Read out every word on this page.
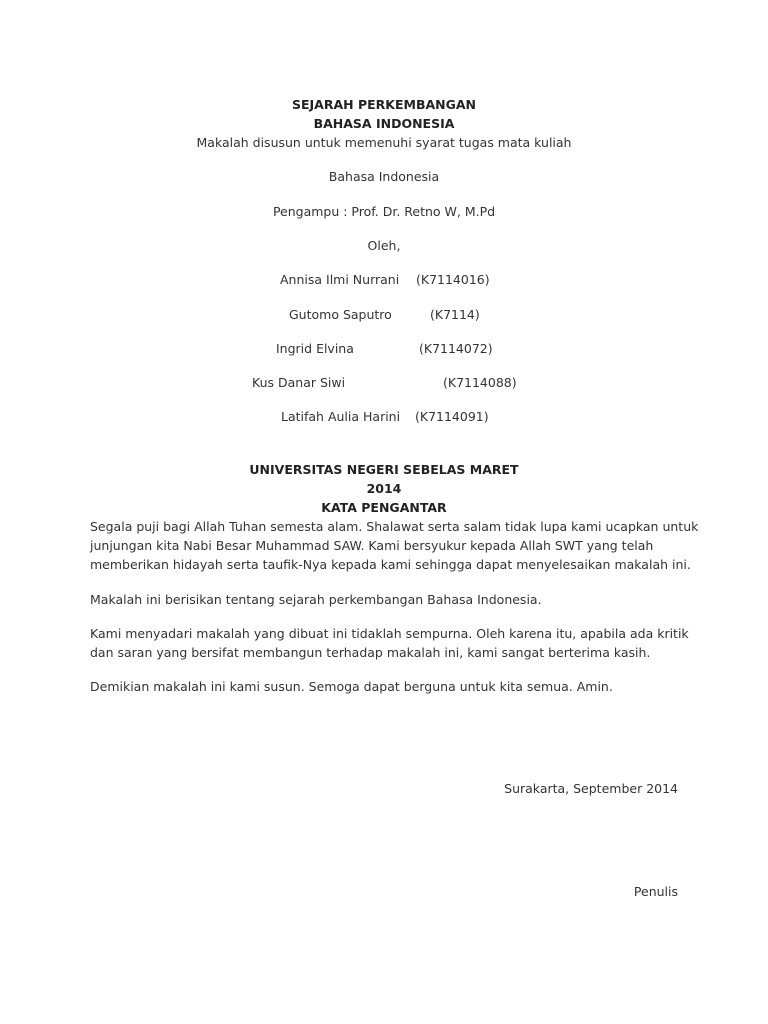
SEJARAH PERKEMBANGAN
BAHASA INDONESIA
Makalah disusun untuk memenuhi syarat tugas mata kuliah
Bahasa Indonesia
Pengampu : Prof. Dr. Retno W, M.Pd
Oleh,
Annisa Ilmi Nurrani (K7114016)
Gutomo Saputro	(K7114)
Ingrid Elvina	(K7114072)
Kus Danar Siwi	(K7114088)
Latifah Aulia Harini (K7114091)
UNIVERSITAS NEGERI SEBELAS MARET
2014
KATA PENGANTAR
Segala puji bagi Allah Tuhan semesta alam. Shalawat serta salam tidak lupa kami ucapkan untuk
junjungan kita Nabi Besar Muhammad SAW. Kami bersyukur kepada Allah SWT yang telah
memberikan hidayah serta taufik-Nya kepada kami sehingga dapat menyelesaikan makalah ini.
Makalah ini berisikan tentang sejarah perkembangan Bahasa Indonesia.
Kami menyadari makalah yang dibuat ini tidaklah sempurna. Oleh karena itu, apabila ada kritik
dan saran yang bersifat membangun terhadap makalah ini, kami sangat berterima kasih.
Demikian makalah ini kami susun. Semoga dapat berguna untuk kita semua. Amin.
Surakarta, September 2014
Penulis
